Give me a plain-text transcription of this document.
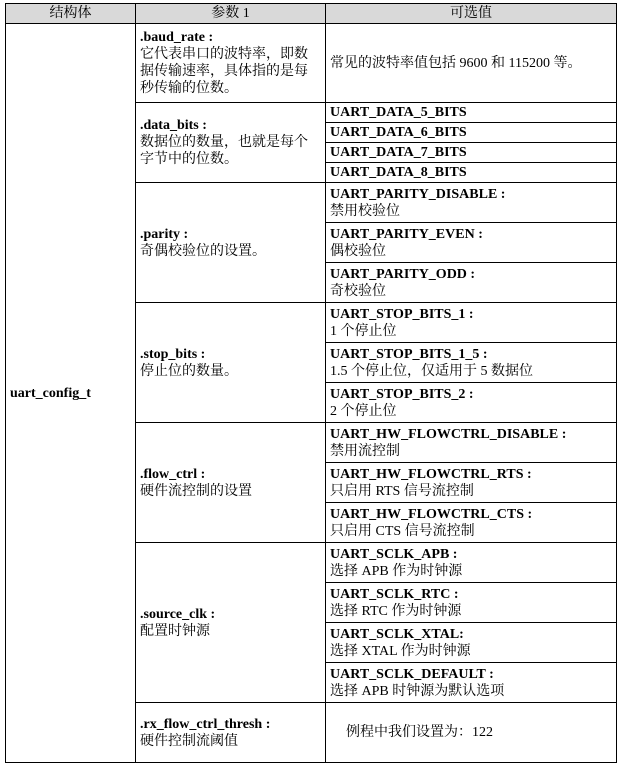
结构体	参数 1	可选值
uart_config_t	.baud_rate :
它代表串口的波特率，即数据传输速率，具体指的是每秒传输的位数。	常见的波特率值包括 9600 和 115200 等。

	.data_bits :
数据位的数量，也就是每个字节中的位数。	UART_DATA_5_BITS

		UART_DATA_6_BITS

		UART_DATA_7_BITS

		UART_DATA_8_BITS

	.parity :
奇偶校验位的设置。	UART_PARITY_DISABLE :
禁用校验位

		UART_PARITY_EVEN :
偶校验位

		UART_PARITY_ODD :
奇校验位

	.stop_bits :
停止位的数量。	UART_STOP_BITS_1 :
1 个停止位

		UART_STOP_BITS_1_5 :
1.5 个停止位，仅适用于 5 数据位

		UART_STOP_BITS_2 :
2 个停止位

	.flow_ctrl :
硬件流控制的设置	UART_HW_FLOWCTRL_DISABLE :
禁用流控制

		UART_HW_FLOWCTRL_RTS :
只启用 RTS 信号流控制

		UART_HW_FLOWCTRL_CTS :
只启用 CTS 信号流控制

	.source_clk :
配置时钟源	UART_SCLK_APB :
选择 APB 作为时钟源

		UART_SCLK_RTC :
选择 RTC 作为时钟源

		UART_SCLK_XTAL:
选择 XTAL 作为时钟源

		UART_SCLK_DEFAULT :
选择 APB 时钟源为默认选项

	.rx_flow_ctrl_thresh :
硬件控制流阈值	例程中我们设置为：122
